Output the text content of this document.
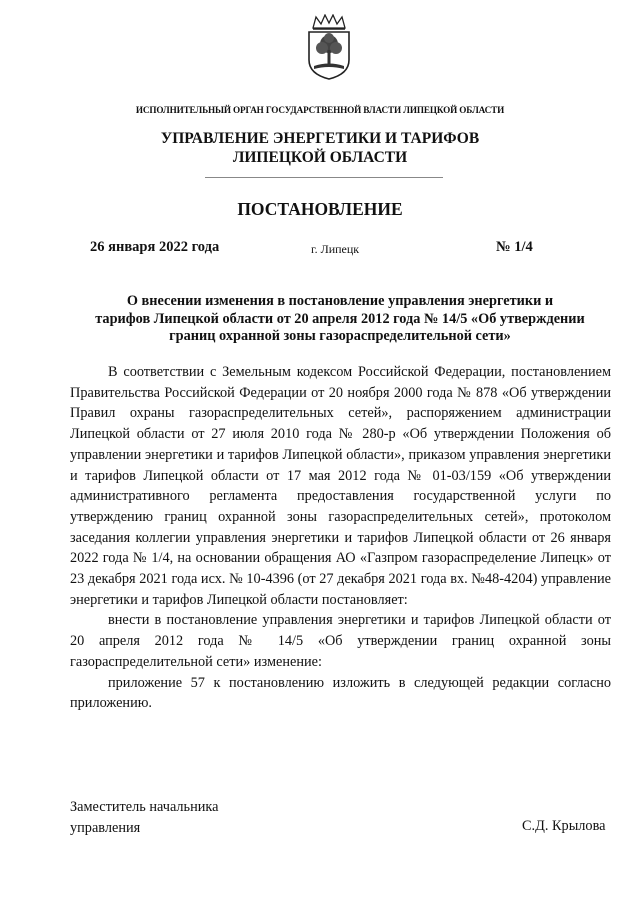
ИСПОЛНИТЕЛЬНЫЙ ОРГАН ГОСУДАРСТВЕННОЙ ВЛАСТИ ЛИПЕЦКОЙ ОБЛАСТИ
УПРАВЛЕНИЕ ЭНЕРГЕТИКИ И ТАРИФОВ
ЛИПЕЦКОЙ ОБЛАСТИ
ПОСТАНОВЛЕНИЕ
26 января 2022 года	г. Липецк	№ 1/4
О внесении изменения в постановление управления энергетики и
тарифов Липецкой области от 20 апреля 2012 года № 14/5 «Об утверждении
границ охранной зоны газораспределительной сети»

В соответствии с Земельным кодексом Российской Федерации, постановлением Правительства Российской Федерации от 20 ноября 2000 года № 878 «Об утверждении Правил охраны газораспределительных сетей», распоряжением администрации Липецкой области от 27 июля 2010 года № 280-р «Об утверждении Положения об управлении энергетики и тарифов Липецкой области», приказом управления энергетики и тарифов Липецкой области от 17 мая 2012 года № 01-03/159 «Об утверждении административного регламента предоставления государственной услуги по утверждению границ охранной зоны газораспределительных сетей», протоколом заседания коллегии управления энергетики и тарифов Липецкой области от 26 января 2022 года № 1/4, на основании обращения АО «Газпром газораспределение Липецк» от 23 декабря 2021 года исх. № 10-4396 (от 27 декабря 2021 года вх. №48-4204) управление энергетики и тарифов Липецкой области постановляет:

внести в постановление управления энергетики и тарифов Липецкой области от 20 апреля 2012 года № 14/5 «Об утверждении границ охранной зоны газораспределительной сети» изменение:

приложение 57 к постановлению изложить в следующей редакции согласно приложению.

Заместитель начальника
управления	С.Д. Крылова
